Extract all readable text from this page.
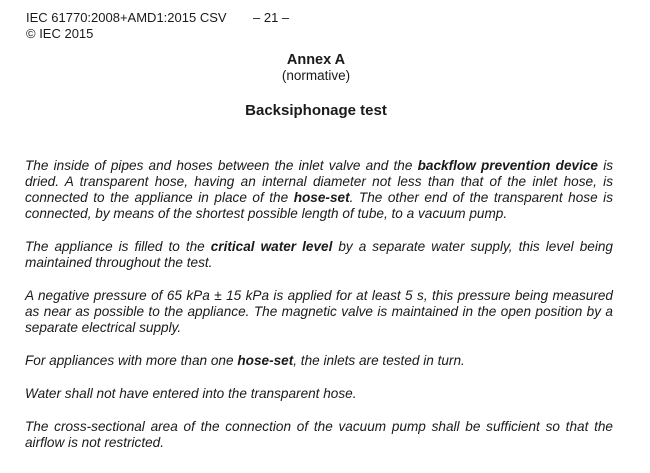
IEC 61770:2008+AMD1:2015 CSV
© IEC 2015
– 21 –
Annex A
(normative)
Backsiphonage test

The inside of pipes and hoses between the inlet valve and the backflow prevention device is dried. A transparent hose, having an internal diameter not less than that of the inlet hose, is connected to the appliance in place of the hose-set. The other end of the transparent hose is connected, by means of the shortest possible length of tube, to a vacuum pump.

The appliance is filled to the critical water level by a separate water supply, this level being maintained throughout the test.

A negative pressure of 65 kPa ± 15 kPa is applied for at least 5 s, this pressure being measured as near as possible to the appliance. The magnetic valve is maintained in the open position by a separate electrical supply.

For appliances with more than one hose-set, the inlets are tested in turn.

Water shall not have entered into the transparent hose.

The cross-sectional area of the connection of the vacuum pump shall be sufficient so that the airflow is not restricted.
